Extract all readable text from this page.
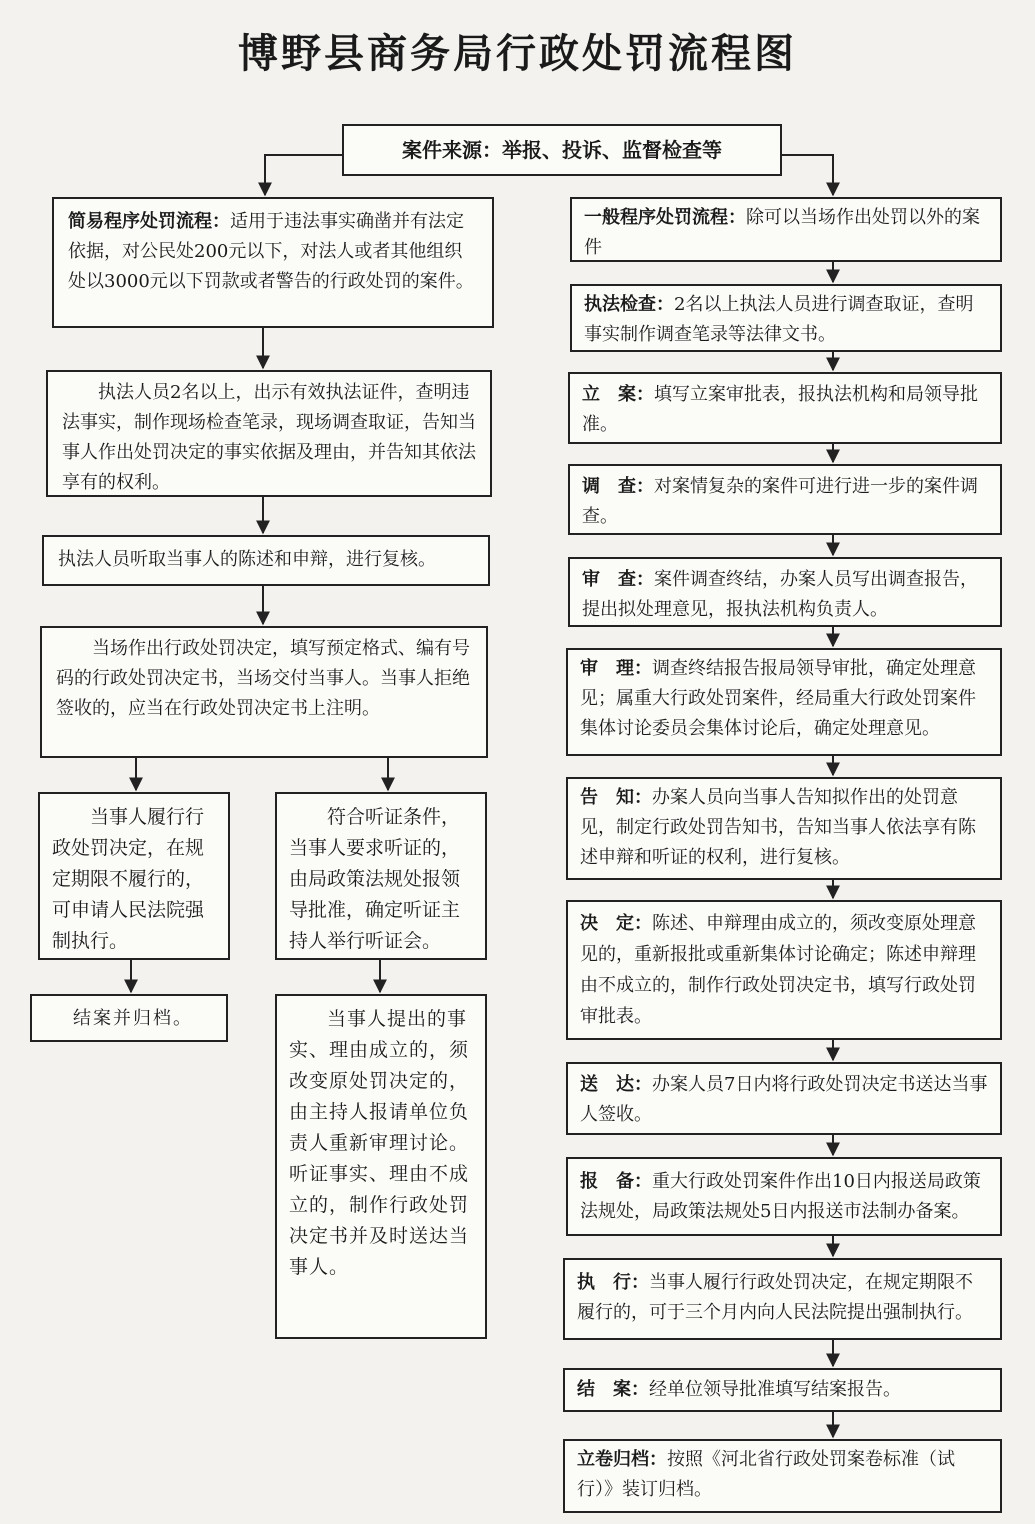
博野县商务局行政处罚流程图
案件来源：举报、投诉、监督检查等
简易程序处罚流程：适用于违法事实确凿并有法定依据，对公民处200元以下，对法人或者其他组织处以3000元以下罚款或者警告的行政处罚的案件。
执法人员2名以上，出示有效执法证件，查明违法事实，制作现场检查笔录，现场调查取证，告知当事人作出处罚决定的事实依据及理由，并告知其依法享有的权利。
执法人员听取当事人的陈述和申辩，进行复核。
当场作出行政处罚决定，填写预定格式、编有号码的行政处罚决定书，当场交付当事人。当事人拒绝签收的，应当在行政处罚决定书上注明。
当事人履行行政处罚决定，在规定期限不履行的，可申请人民法院强制执行。
结案并归档。
符合听证条件，当事人要求听证的，由局政策法规处报领导批准，确定听证主持人举行听证会。
当事人提出的事实、理由成立的，须改变原处罚决定的，由主持人报请单位负责人重新审理讨论。听证事实、理由不成立的，制作行政处罚决定书并及时送达当事人。
一般程序处罚流程：除可以当场作出处罚以外的案件
执法检查：2名以上执法人员进行调查取证，查明事实制作调查笔录等法律文书。
立　案：填写立案审批表，报执法机构和局领导批准。
调　查：对案情复杂的案件可进行进一步的案件调查。
审　查：案件调查终结，办案人员写出调查报告，提出拟处理意见，报执法机构负责人。
审　理：调查终结报告报局领导审批，确定处理意见；属重大行政处罚案件，经局重大行政处罚案件集体讨论委员会集体讨论后，确定处理意见。
告　知：办案人员向当事人告知拟作出的处罚意见，制定行政处罚告知书，告知当事人依法享有陈述申辩和听证的权利，进行复核。
决　定：陈述、申辩理由成立的，须改变原处理意见的，重新报批或重新集体讨论确定；陈述申辩理由不成立的，制作行政处罚决定书，填写行政处罚审批表。
送　达：办案人员7日内将行政处罚决定书送达当事人签收。
报　备：重大行政处罚案件作出10日内报送局政策法规处，局政策法规处5日内报送市法制办备案。
执　行：当事人履行行政处罚决定，在规定期限不履行的，可于三个月内向人民法院提出强制执行。
结　案：经单位领导批准填写结案报告。
立卷归档：按照《河北省行政处罚案卷标准（试行）》装订归档。
